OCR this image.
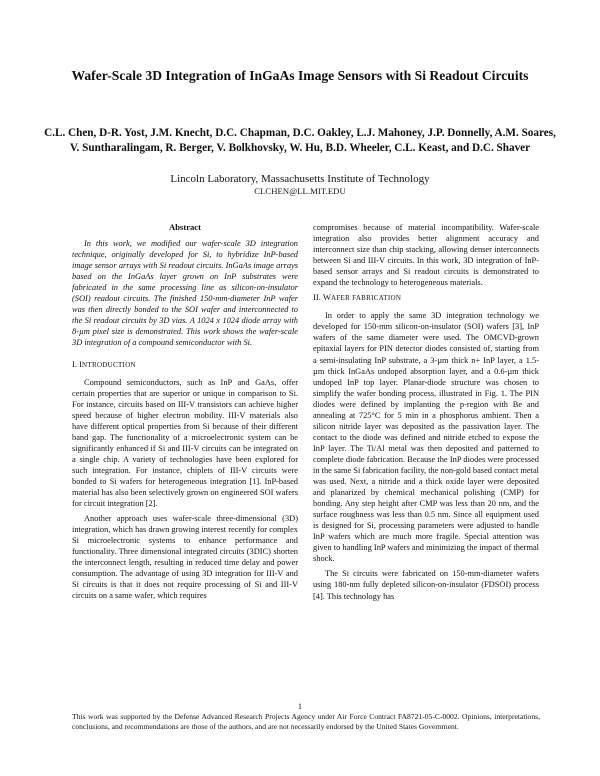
Wafer-Scale 3D Integration of InGaAs Image Sensors with Si Readout Circuits
C.L. Chen, D-R. Yost, J.M. Knecht, D.C. Chapman, D.C. Oakley, L.J. Mahoney, J.P. Donnelly, A.M. Soares, V. Suntharalingam, R. Berger, V. Bolkhovsky, W. Hu, B.D. Wheeler, C.L. Keast, and D.C. Shaver
Lincoln Laboratory, Massachusetts Institute of Technology
CLCHEN@LL.MIT.EDU
Abstract

In this work, we modified our wafer-scale 3D integration technique, originally developed for Si, to hybridize InP-based image sensor arrays with Si readout circuits. InGaAs image arrays based on the InGaAs layer grown on InP substrates were fabricated in the same processing line as silicon-on-insulator (SOI) readout circuits. The finished 150-mm-diameter InP wafer was then directly bonded to the SOI wafer and interconnected to the Si readout circuits by 3D vias. A 1024 x 1024 diode array with 8-µm pixel size is demonstrated. This work shows the wafer-scale 3D integration of a compound semiconductor with Si.

I. INTRODUCTION

Compound semiconductors, such as InP and GaAs, offer certain properties that are superior or unique in comparison to Si. For instance, circuits based on III-V transistors can achieve higher speed because of higher electron mobility. III-V materials also have different optical properties from Si because of their different band gap. The functionality of a microelectronic system can be significantly enhanced if Si and III-V circuits can be integrated on a single chip. A variety of technologies have been explored for such integration. For instance, chiplets of III-V circuits were bonded to Si wafers for heterogeneous integration [1]. InP-based material has also been selectively grown on engineered SOI wafers for circuit integration [2].

Another approach uses wafer-scale three-dimensional (3D) integration, which has drawn growing interest recently for complex Si microelectronic systems to enhance performance and functionality. Three dimensional integrated circuits (3DIC) shorten the interconnect length, resulting in reduced time delay and power consumption. The advantage of using 3D integration for III-V and Si circuits is that it does not require processing of Si and III-V circuits on a same wafer, which requires

compromises because of material incompatibility. Wafer-scale integration also provides better alignment accuracy and interconnect size than chip stacking, allowing denser interconnects between Si and III-V circuits. In this work, 3D integration of InP-based sensor arrays and Si readout circuits is demonstrated to expand the technology to heterogeneous materials.

II. WAFER FABRICATION

In order to apply the same 3D integration technology we developed for 150-mm silicon-on-insulator (SOI) wafers [3], InP wafers of the same diameter were used. The OMCVD-grown epitaxial layers for PIN detector diodes consisted of, starting from a semi-insulating InP substrate, a 3-µm thick n+ InP layer, a 1.5-µm thick InGaAs undoped absorption layer, and a 0.6-µm thick undoped InP top layer. Planar-diode structure was chosen to simplify the wafer bonding process, illustrated in Fig. 1. The PIN diodes were defined by implanting the p-region with Be and annealing at 725°C for 5 min in a phosphorus ambient. Then a silicon nitride layer was deposited as the passivation layer. The contact to the diode was defined and nitride etched to expose the InP layer. The Ti/Al metal was then deposited and patterned to complete diode fabrication. Because the InP diodes were processed in the same Si fabrication facility, the non-gold based contact metal was used. Next, a nitride and a thick oxide layer were deposited and planarized by chemical mechanical polishing (CMP) for bonding. Any step height after CMP was less than 20 nm, and the surface roughness was less than 0.5 nm. Since all equipment used is designed for Si, processing parameters were adjusted to handle InP wafers which are much more fragile. Special attention was given to handling InP wafers and minimizing the impact of thermal shock.

The Si circuits were fabricated on 150-mm-diameter wafers using 180-nm fully depleted silicon-on-insulator (FDSOI) process [4]. This technology has

1
This work was supported by the Defense Advanced Research Projects Agency under Air Force Contract FA8721-05-C-0002. Opinions, interpretations, conclusions, and recommendations are those of the authors, and are not necessarily endorsed by the United States Government.
